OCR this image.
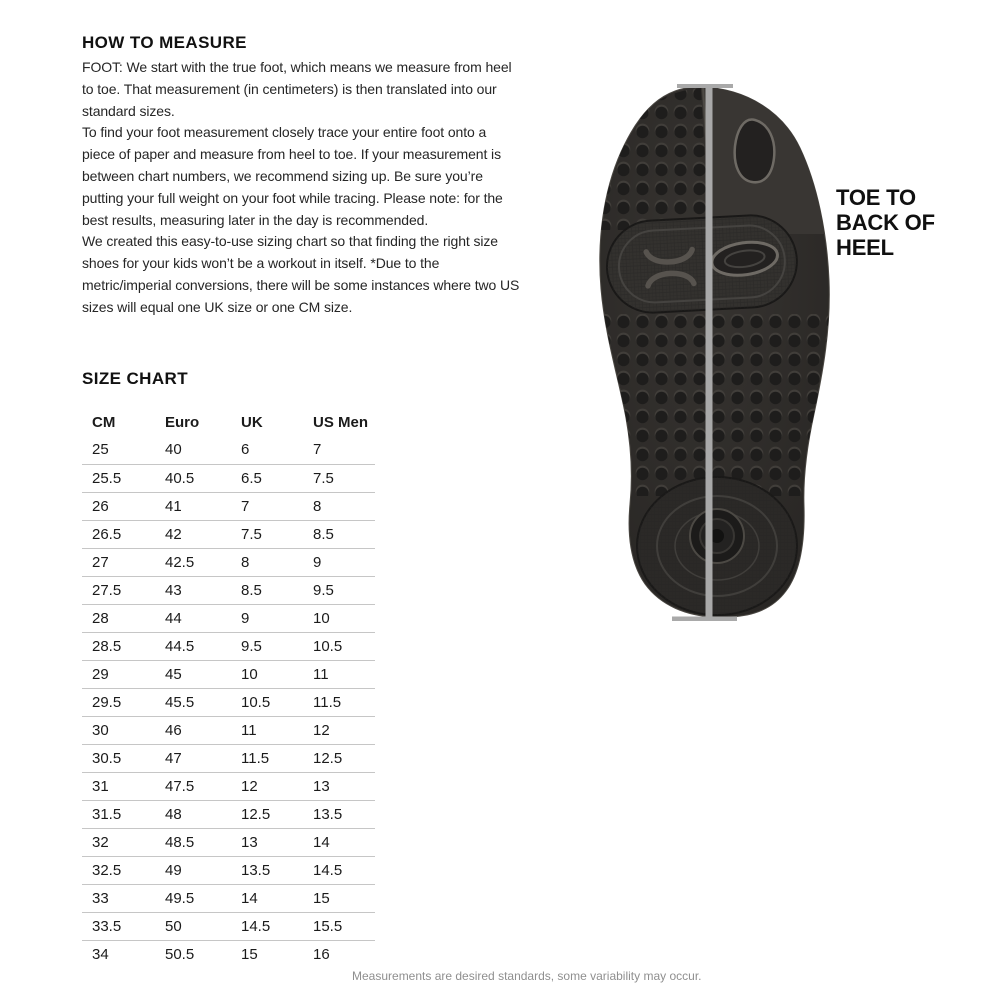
HOW TO MEASURE

FOOT: We start with the true foot, which means we measure from heel to toe. That measurement (in centimeters) is then translated into our standard sizes.

To find your foot measurement closely trace your entire foot onto a piece of paper and measure from heel to toe. If your measurement is between chart numbers, we recommend sizing up. Be sure you’re putting your full weight on your foot while tracing. Please note: for the best results, measuring later in the day is recommended.

We created this easy-to-use sizing chart so that finding the right size shoes for your kids won’t be a workout in itself. *Due to the metric/imperial conversions, there will be some instances where two US sizes will equal one UK size or one CM size.

SIZE CHART
CM	Euro	UK	US Men
25	40	6	7
25.5	40.5	6.5	7.5
26	41	7	8
26.5	42	7.5	8.5
27	42.5	8	9
27.5	43	8.5	9.5
28	44	9	10
28.5	44.5	9.5	10.5
29	45	10	11
29.5	45.5	10.5	11.5
30	46	11	12
30.5	47	11.5	12.5
31	47.5	12	13
31.5	48	12.5	13.5
32	48.5	13	14
32.5	49	13.5	14.5
33	49.5	14	15
33.5	50	14.5	15.5
34	50.5	15	16
TOE TO
BACK OF
HEEL
Measurements are desired standards, some variability may occur.
